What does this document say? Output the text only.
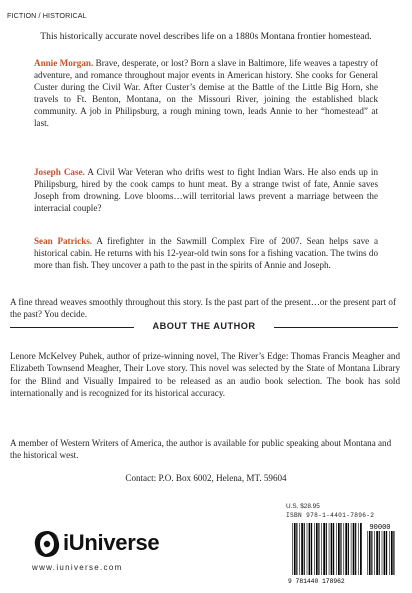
FICTION / HISTORICAL
This historically accurate novel describes life on a 1880s Montana frontier homestead.
Annie Morgan. Brave, desperate, or lost? Born a slave in Baltimore, life weaves a tapestry of adventure, and romance throughout major events in American history. She cooks for General Custer during the Civil War. After Custer’s demise at the Battle of the Little Big Horn, she travels to Ft. Benton, Montana, on the Missouri River, joining the established black community. A job in Philipsburg, a rough mining town, leads Annie to her “homestead” at last.
Joseph Case. A Civil War Veteran who drifts west to fight Indian Wars. He also ends up in Philipsburg, hired by the cook camps to hunt meat. By a strange twist of fate, Annie saves Joseph from drowning. Love blooms…will territorial laws prevent a marriage between the interracial couple?
Sean Patricks. A firefighter in the Sawmill Complex Fire of 2007. Sean helps save a historical cabin. He returns with his 12-year-old twin sons for a fishing vacation. The twins do more than fish. They uncover a path to the past in the spirits of Annie and Joseph.
A fine thread weaves smoothly throughout this story. Is the past part of the present…or the present part of the past? You decide.
ABOUT THE AUTHOR
Lenore McKelvey Puhek, author of prize-winning novel, The River’s Edge: Thomas Francis Meagher and Elizabeth Townsend Meagher, Their Love story. This novel was selected by the State of Montana Library for the Blind and Visually Impaired to be released as an audio book selection. The book has sold internationally and is recognized for its historical accuracy.
A member of Western Writers of America, the author is available for public speaking about Montana and the historical west.
Contact: P.O. Box 6002, Helena, MT. 59604
U.S. $28.95
ISBN 978-1-4401-7896-2
90000
9 781440 178962
iUniverse
www.iuniverse.com
